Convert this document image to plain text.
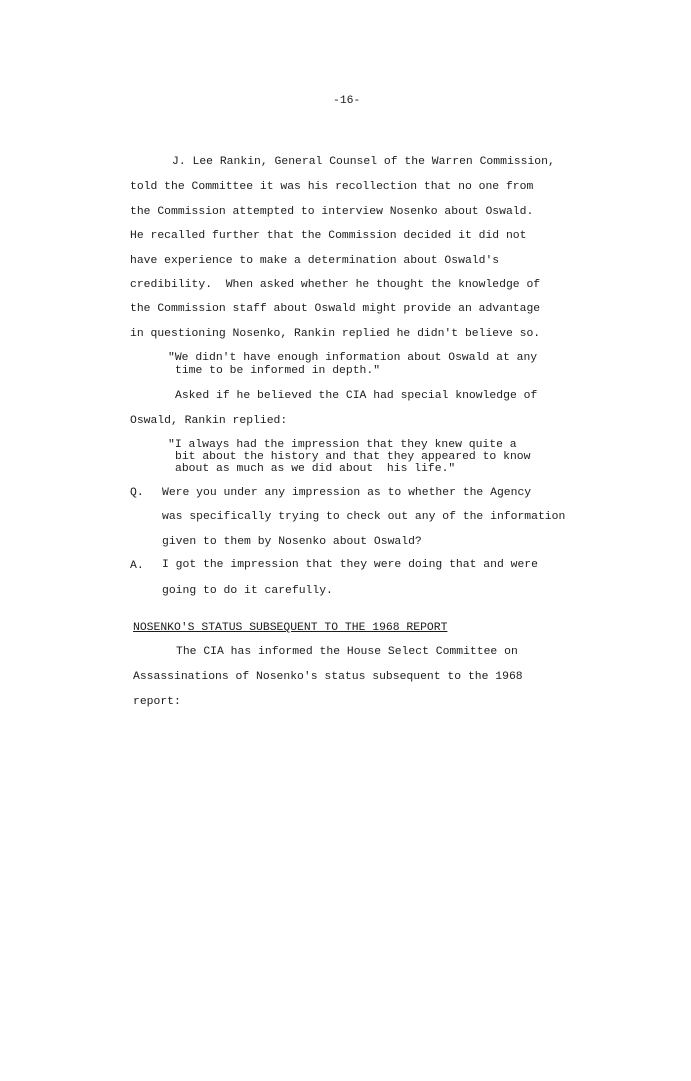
-16-
J. Lee Rankin, General Counsel of the Warren Commission,
told the Committee it was his recollection that no one from
the Commission attempted to interview Nosenko about Oswald.
He recalled further that the Commission decided it did not
have experience to make a determination about Oswald's
credibility.  When asked whether he thought the knowledge of
the Commission staff about Oswald might provide an advantage
in questioning Nosenko, Rankin replied he didn't believe so.
"We didn't have enough information about Oswald at any
time to be informed in depth."
Asked if he believed the CIA had special knowledge of
Oswald, Rankin replied:
"I always had the impression that they knew quite a
bit about the history and that they appeared to know
about as much as we did about  his life."
Q. Were you under any impression as to whether the Agency
was specifically trying to check out any of the information
given to them by Nosenko about Oswald?
A. I got the impression that they were doing that and were
going to do it carefully.
NOSENKO'S STATUS SUBSEQUENT TO THE 1968 REPORT
The CIA has informed the House Select Committee on
Assassinations of Nosenko's status subsequent to the 1968
report:
